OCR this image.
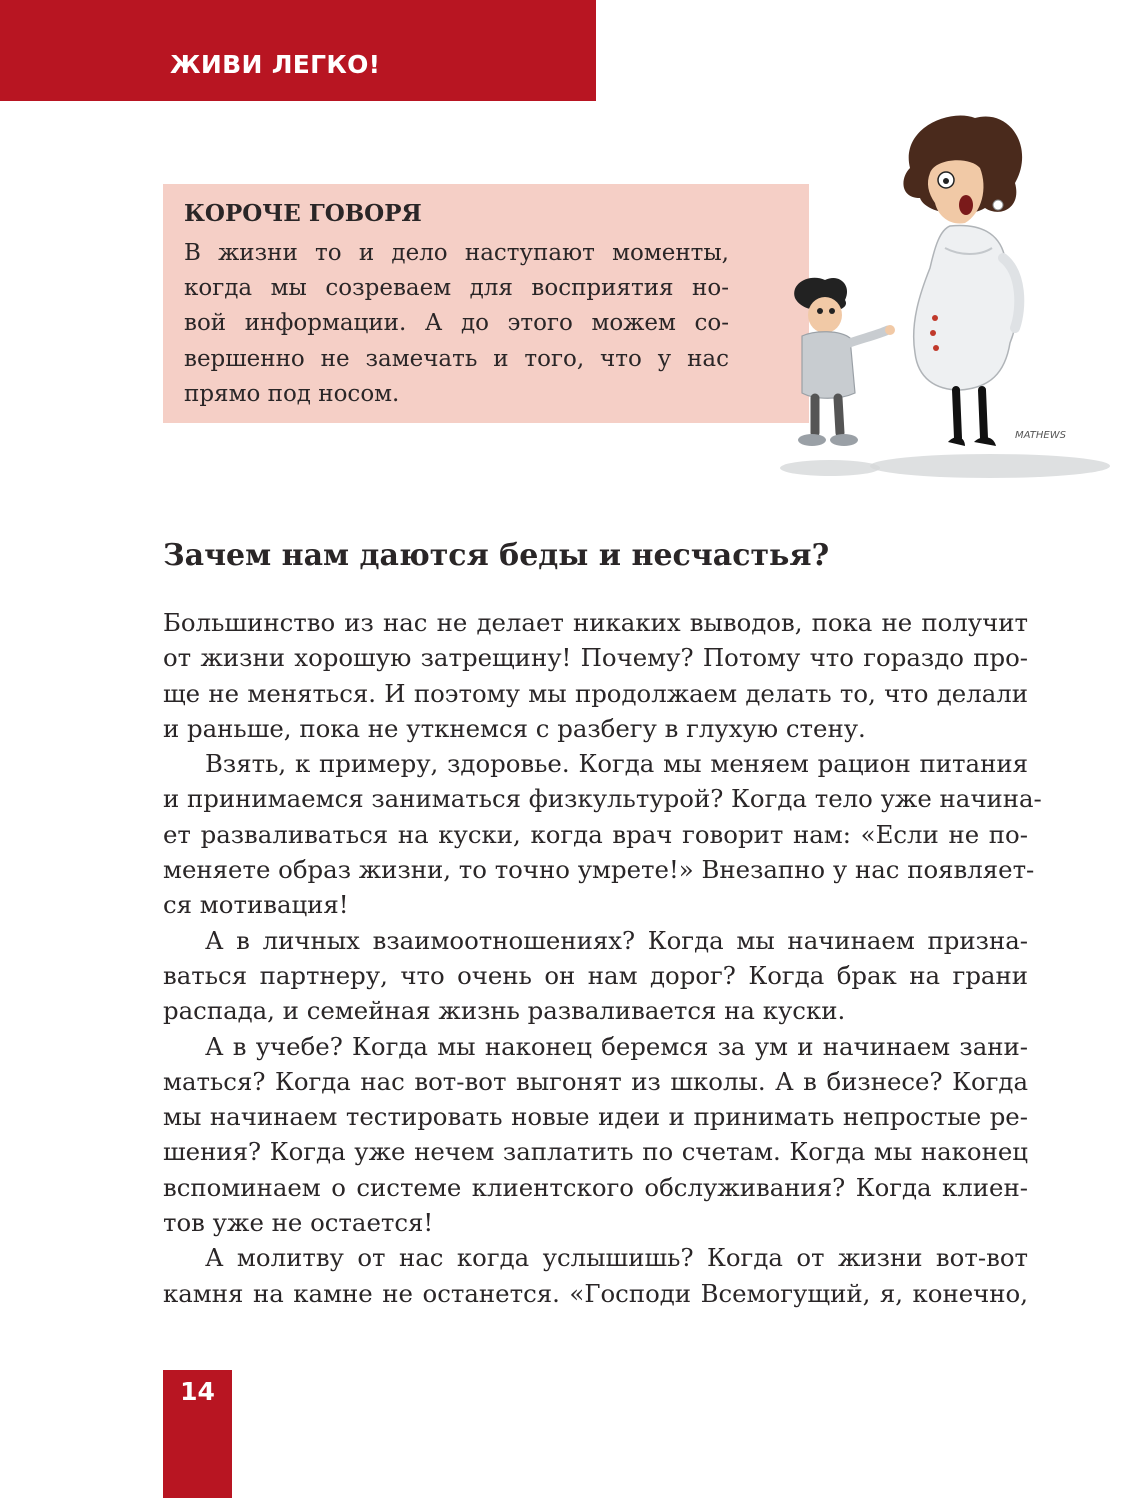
ЖИВИ ЛЕГКО!
КОРОЧЕ ГОВОРЯ
В жизни то и дело наступают моменты,
когда мы созреваем для восприятия но-
вой информации. А до этого можем со-
вершенно не замечать и того, что у нас
прямо под носом.
MATHEWS
Зачем нам даются беды и несчастья?
Большинство из нас не делает никаких выводов, пока не получит
от жизни хорошую затрещину! Почему? Потому что гораздо про-
ще не меняться. И поэтому мы продолжаем делать то, что делали
и раньше, пока не уткнемся с разбегу в глухую стену.
Взять, к примеру, здоровье. Когда мы меняем рацион питания
и принимаемся заниматься физкультурой? Когда тело уже начина-
ет разваливаться на куски, когда врач говорит нам: «Если не по-
меняете образ жизни, то точно умрете!» Внезапно у нас появляет-
ся мотивация!
А в личных взаимоотношениях? Когда мы начинаем призна-
ваться партнеру, что очень он нам дорог? Когда брак на грани
распада, и семейная жизнь разваливается на куски.
А в учебе? Когда мы наконец беремся за ум и начинаем зани-
маться? Когда нас вот-вот выгонят из школы. А в бизнесе? Когда
мы начинаем тестировать новые идеи и принимать непростые ре-
шения? Когда уже нечем заплатить по счетам. Когда мы наконец
вспоминаем о системе клиентского обслуживания? Когда клиен-
тов уже не остается!
А молитву от нас когда услышишь? Когда от жизни вот-вот
камня на камне не останется. «Господи Всемогущий, я, конечно,
14
